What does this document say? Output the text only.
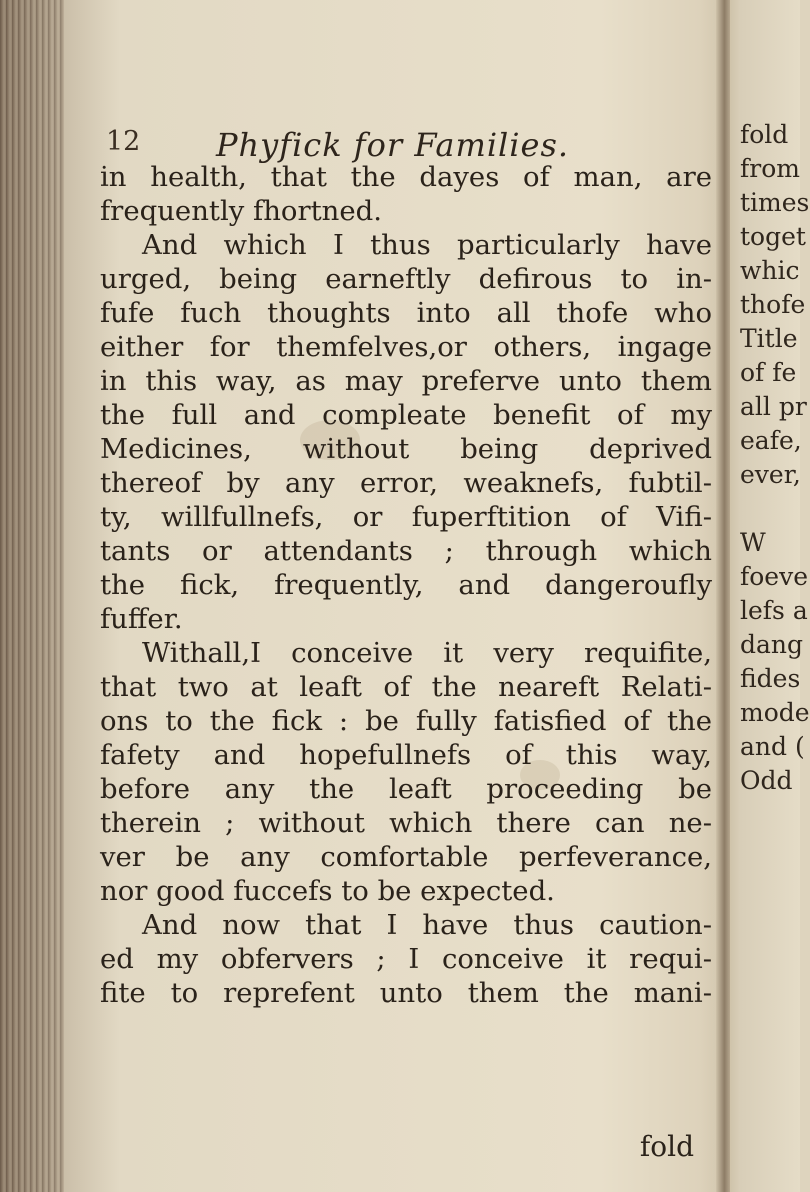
12 Phyfick for Families.
in health, that the dayes of man, are
frequently fhortned.
And which I thus particularly have
urged, being earneftly defirous to in-
fufe fuch thoughts into all thofe who
either for themfelves,or others, ingage
in this way, as may preferve unto them
the full and compleate benefit of my
Medicines, without being deprived
thereof by any error, weaknefs, fubtil-
ty, willfullnefs, or fuperftition of Vifi-
tants or attendants ; through which
the fick, frequently, and dangeroufly
fuffer.
Withall,I conceive it very requifite,
that two at leaft of the neareft Relati-
ons to the fick : be fully fatisfied of the
fafety and hopefullnefs of this way,
before any the leaft proceeding be
therein ; without which there can ne-
ver be any comfortable perfeverance,
nor good fuccefs to be expected.
And now that I have thus caution-
ed my obfervers ; I conceive it requi-
fite to reprefent unto them the mani-
fold
fold
from
times
toget
whic
thofe
Title
of fe
all pr
eafe,
ever,
W
foeve
lefs a
dang
fides
mode
and (
Odd
